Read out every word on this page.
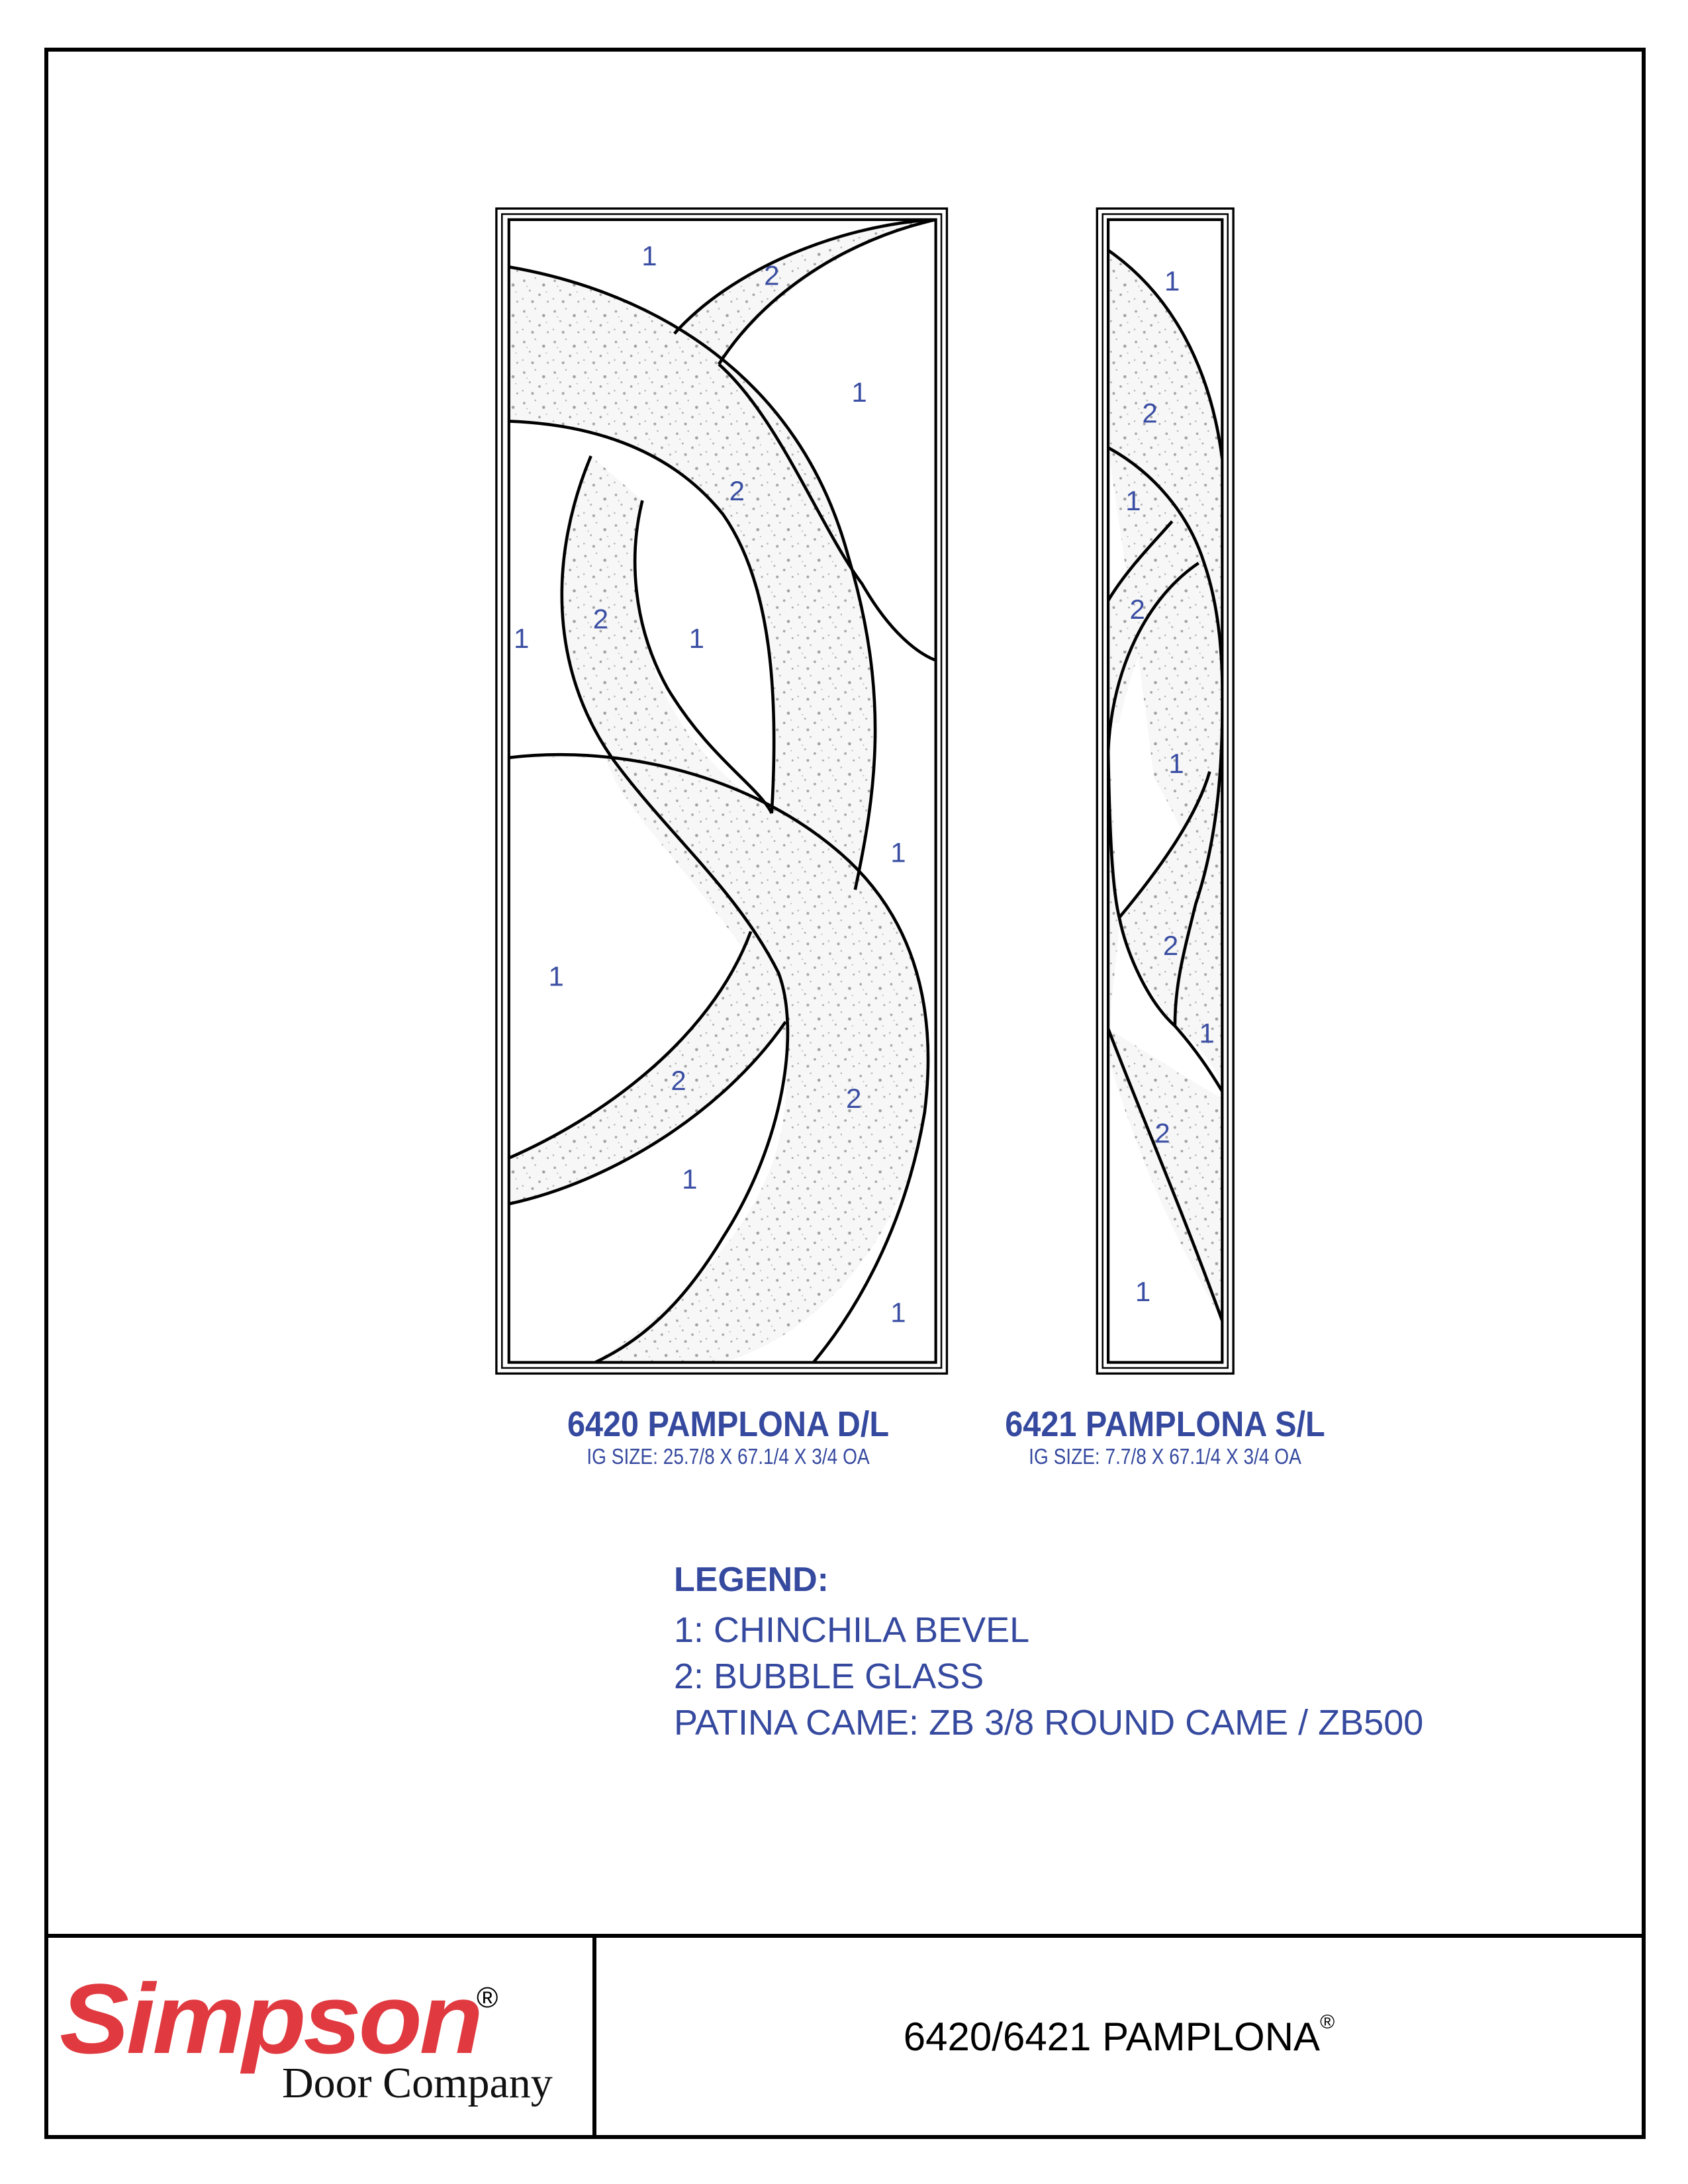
1
2
1
2
1
2
1
1
1
2
2
1
1
1
2
1
2
1
2
1
2
1
6420 PAMPLONA D/L
IG SIZE: 25.7/8 X 67.1/4 X 3/4 OA
6421 PAMPLONA S/L
IG SIZE: 7.7/8 X 67.1/4 X 3/4 OA
LEGEND:
1: CHINCHILA BEVEL
2: BUBBLE GLASS
PATINA CAME: ZB 3/8 ROUND CAME / ZB500
Simpson
®
Door Company
6420/6421 PAMPLONA®
